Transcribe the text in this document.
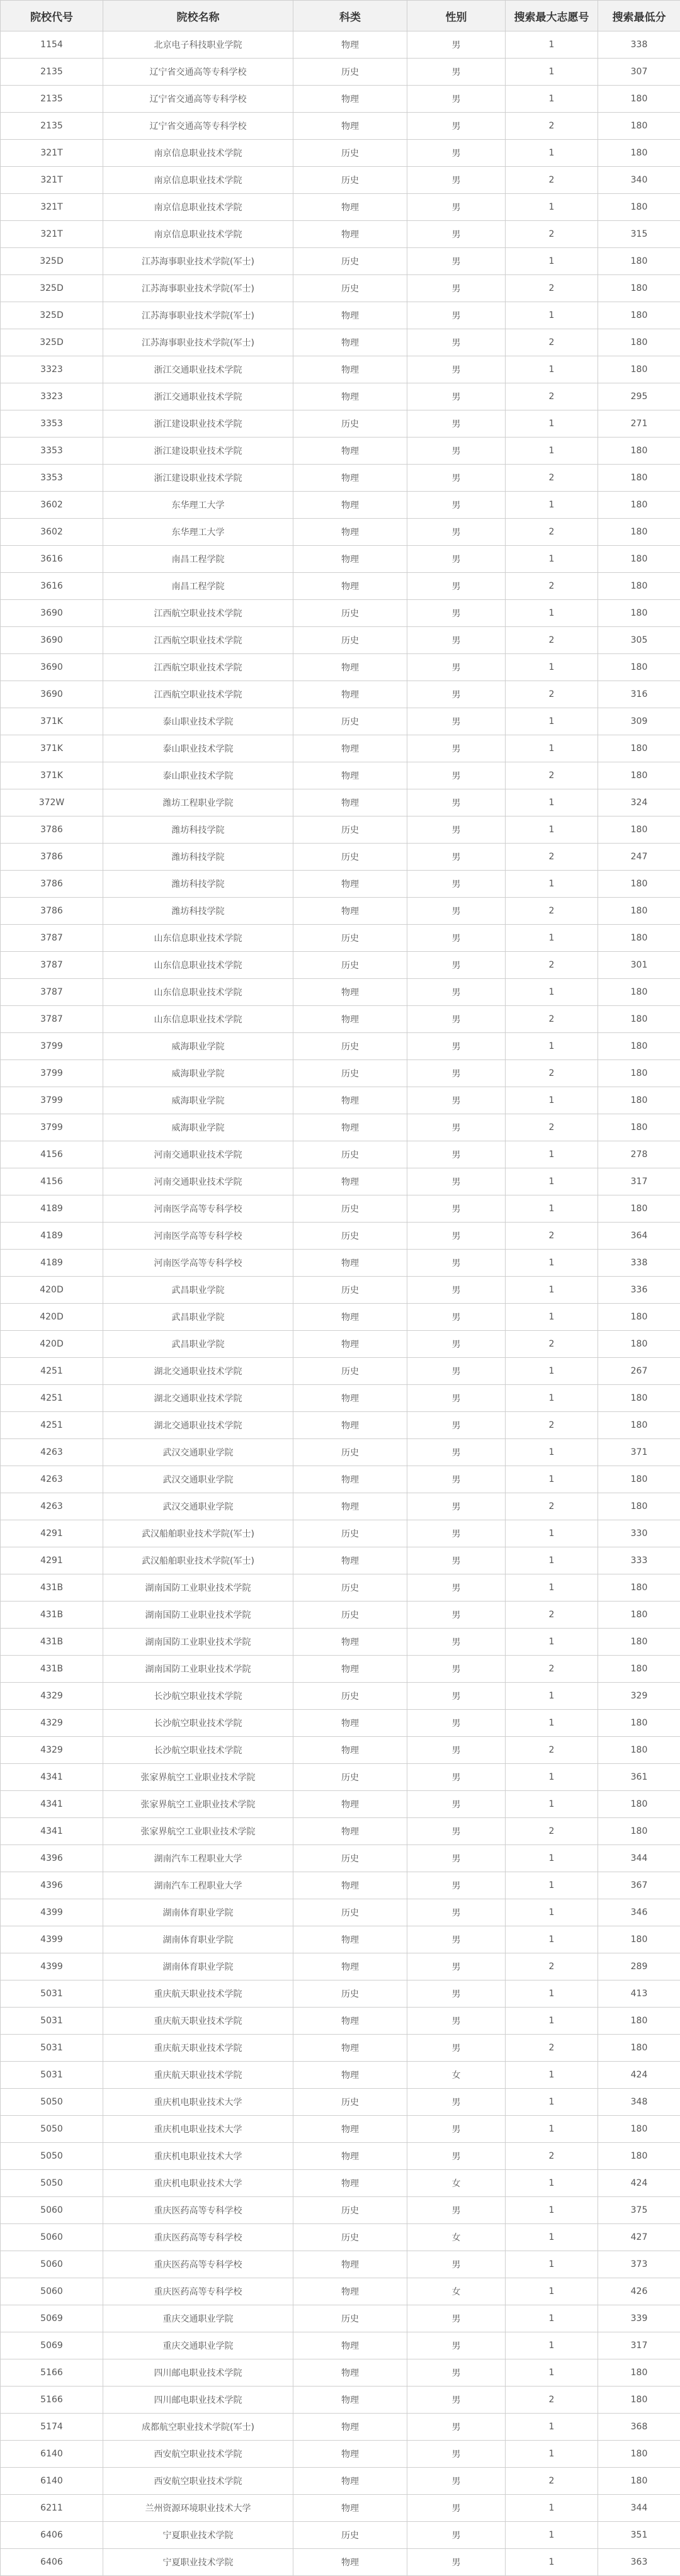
院校代号	院校名称	科类	性别	搜索最大志愿号	搜索最低分
1154	北京电子科技职业学院	物理	男	1	338
2135	辽宁省交通高等专科学校	历史	男	1	307
2135	辽宁省交通高等专科学校	物理	男	1	180
2135	辽宁省交通高等专科学校	物理	男	2	180
321T	南京信息职业技术学院	历史	男	1	180
321T	南京信息职业技术学院	历史	男	2	340
321T	南京信息职业技术学院	物理	男	1	180
321T	南京信息职业技术学院	物理	男	2	315
325D	江苏海事职业技术学院(军士)	历史	男	1	180
325D	江苏海事职业技术学院(军士)	历史	男	2	180
325D	江苏海事职业技术学院(军士)	物理	男	1	180
325D	江苏海事职业技术学院(军士)	物理	男	2	180
3323	浙江交通职业技术学院	物理	男	1	180
3323	浙江交通职业技术学院	物理	男	2	295
3353	浙江建设职业技术学院	历史	男	1	271
3353	浙江建设职业技术学院	物理	男	1	180
3353	浙江建设职业技术学院	物理	男	2	180
3602	东华理工大学	物理	男	1	180
3602	东华理工大学	物理	男	2	180
3616	南昌工程学院	物理	男	1	180
3616	南昌工程学院	物理	男	2	180
3690	江西航空职业技术学院	历史	男	1	180
3690	江西航空职业技术学院	历史	男	2	305
3690	江西航空职业技术学院	物理	男	1	180
3690	江西航空职业技术学院	物理	男	2	316
371K	泰山职业技术学院	历史	男	1	309
371K	泰山职业技术学院	物理	男	1	180
371K	泰山职业技术学院	物理	男	2	180
372W	潍坊工程职业学院	物理	男	1	324
3786	潍坊科技学院	历史	男	1	180
3786	潍坊科技学院	历史	男	2	247
3786	潍坊科技学院	物理	男	1	180
3786	潍坊科技学院	物理	男	2	180
3787	山东信息职业技术学院	历史	男	1	180
3787	山东信息职业技术学院	历史	男	2	301
3787	山东信息职业技术学院	物理	男	1	180
3787	山东信息职业技术学院	物理	男	2	180
3799	威海职业学院	历史	男	1	180
3799	威海职业学院	历史	男	2	180
3799	威海职业学院	物理	男	1	180
3799	威海职业学院	物理	男	2	180
4156	河南交通职业技术学院	历史	男	1	278
4156	河南交通职业技术学院	物理	男	1	317
4189	河南医学高等专科学校	历史	男	1	180
4189	河南医学高等专科学校	历史	男	2	364
4189	河南医学高等专科学校	物理	男	1	338
420D	武昌职业学院	历史	男	1	336
420D	武昌职业学院	物理	男	1	180
420D	武昌职业学院	物理	男	2	180
4251	湖北交通职业技术学院	历史	男	1	267
4251	湖北交通职业技术学院	物理	男	1	180
4251	湖北交通职业技术学院	物理	男	2	180
4263	武汉交通职业学院	历史	男	1	371
4263	武汉交通职业学院	物理	男	1	180
4263	武汉交通职业学院	物理	男	2	180
4291	武汉船舶职业技术学院(军士)	历史	男	1	330
4291	武汉船舶职业技术学院(军士)	物理	男	1	333
431B	湖南国防工业职业技术学院	历史	男	1	180
431B	湖南国防工业职业技术学院	历史	男	2	180
431B	湖南国防工业职业技术学院	物理	男	1	180
431B	湖南国防工业职业技术学院	物理	男	2	180
4329	长沙航空职业技术学院	历史	男	1	329
4329	长沙航空职业技术学院	物理	男	1	180
4329	长沙航空职业技术学院	物理	男	2	180
4341	张家界航空工业职业技术学院	历史	男	1	361
4341	张家界航空工业职业技术学院	物理	男	1	180
4341	张家界航空工业职业技术学院	物理	男	2	180
4396	湖南汽车工程职业大学	历史	男	1	344
4396	湖南汽车工程职业大学	物理	男	1	367
4399	湖南体育职业学院	历史	男	1	346
4399	湖南体育职业学院	物理	男	1	180
4399	湖南体育职业学院	物理	男	2	289
5031	重庆航天职业技术学院	历史	男	1	413
5031	重庆航天职业技术学院	物理	男	1	180
5031	重庆航天职业技术学院	物理	男	2	180
5031	重庆航天职业技术学院	物理	女	1	424
5050	重庆机电职业技术大学	历史	男	1	348
5050	重庆机电职业技术大学	物理	男	1	180
5050	重庆机电职业技术大学	物理	男	2	180
5050	重庆机电职业技术大学	物理	女	1	424
5060	重庆医药高等专科学校	历史	男	1	375
5060	重庆医药高等专科学校	历史	女	1	427
5060	重庆医药高等专科学校	物理	男	1	373
5060	重庆医药高等专科学校	物理	女	1	426
5069	重庆交通职业学院	历史	男	1	339
5069	重庆交通职业学院	物理	男	1	317
5166	四川邮电职业技术学院	物理	男	1	180
5166	四川邮电职业技术学院	物理	男	2	180
5174	成都航空职业技术学院(军士)	物理	男	1	368
6140	西安航空职业技术学院	物理	男	1	180
6140	西安航空职业技术学院	物理	男	2	180
6211	兰州资源环境职业技术大学	物理	男	1	344
6406	宁夏职业技术学院	历史	男	1	351
6406	宁夏职业技术学院	物理	男	1	363
